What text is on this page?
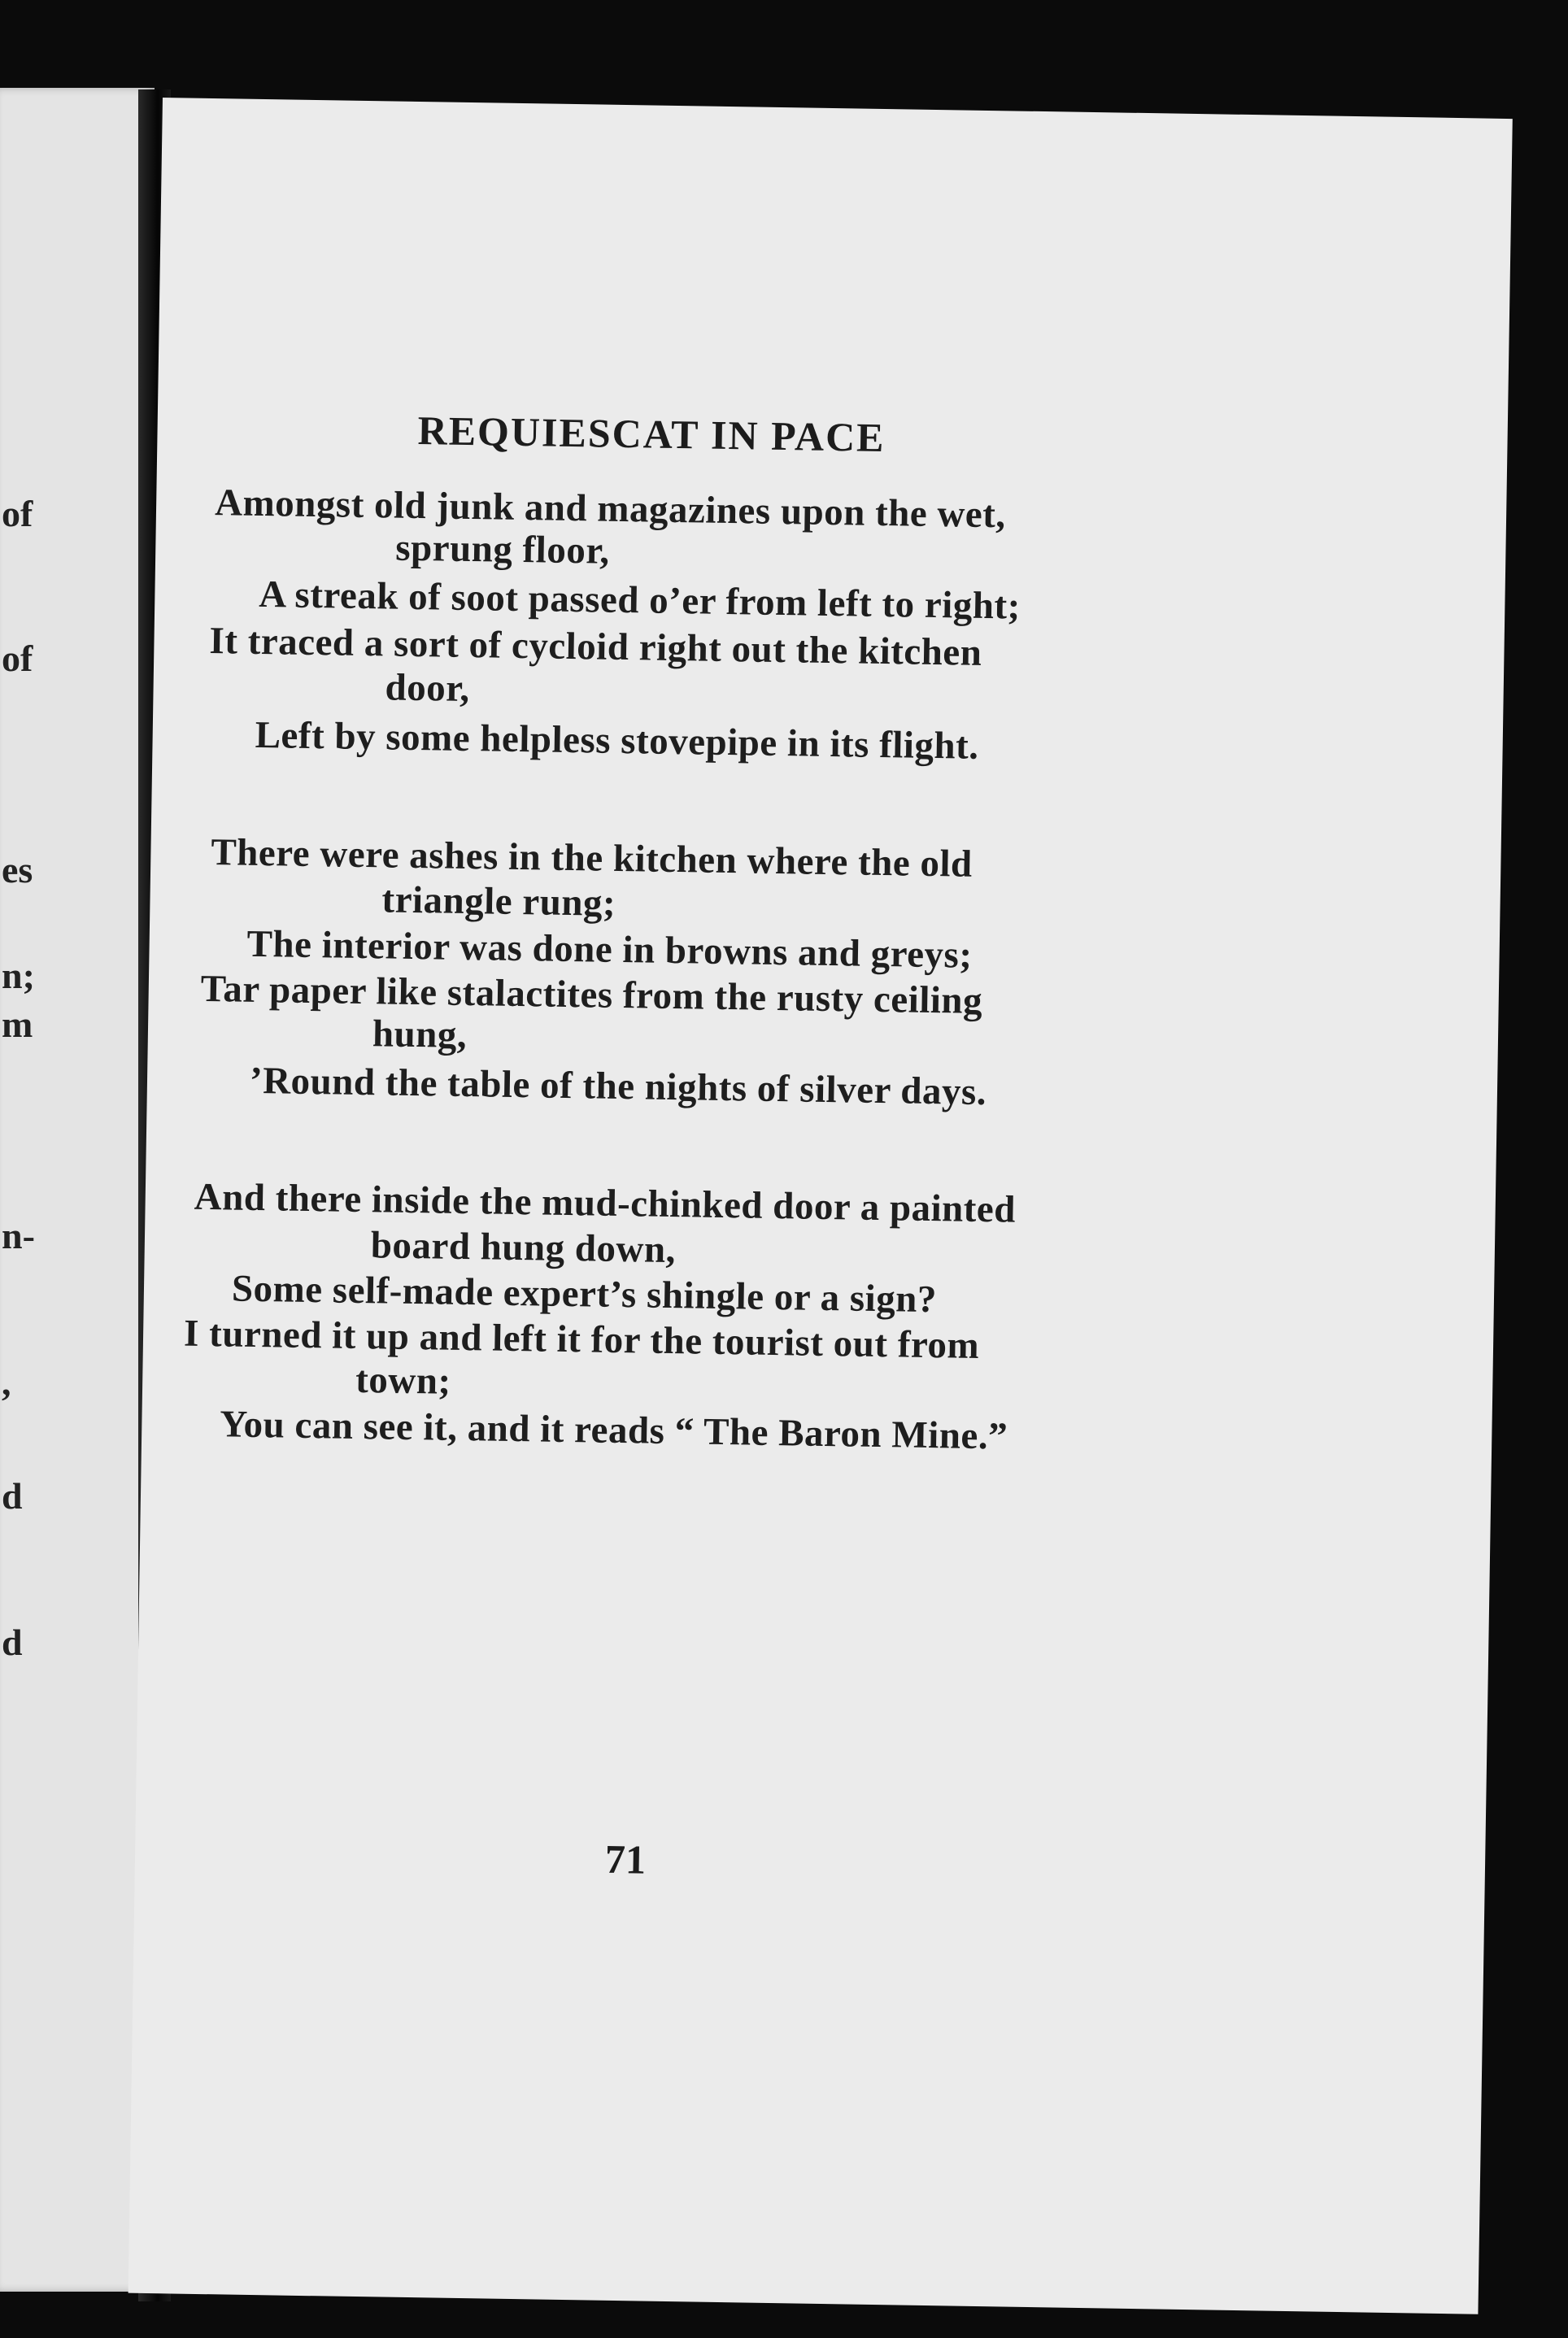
of
of
es
n;
m
n-
,
d
d
REQUIESCAT IN PACE
Amongst old junk and magazines upon the wet,
sprung floor,
A streak of soot passed o’er from left to right;
It traced a sort of cycloid right out the kitchen
door,
Left by some helpless stovepipe in its flight.
There were ashes in the kitchen where the old
triangle rung;
The interior was done in browns and greys;
Tar paper like stalactites from the rusty ceiling
hung,
’Round the table of the nights of silver days.
And there inside the mud-chinked door a painted
board hung down,
Some self-made expert’s shingle or a sign?
I turned it up and left it for the tourist out from
town;
You can see it, and it reads “ The Baron Mine.”
71
